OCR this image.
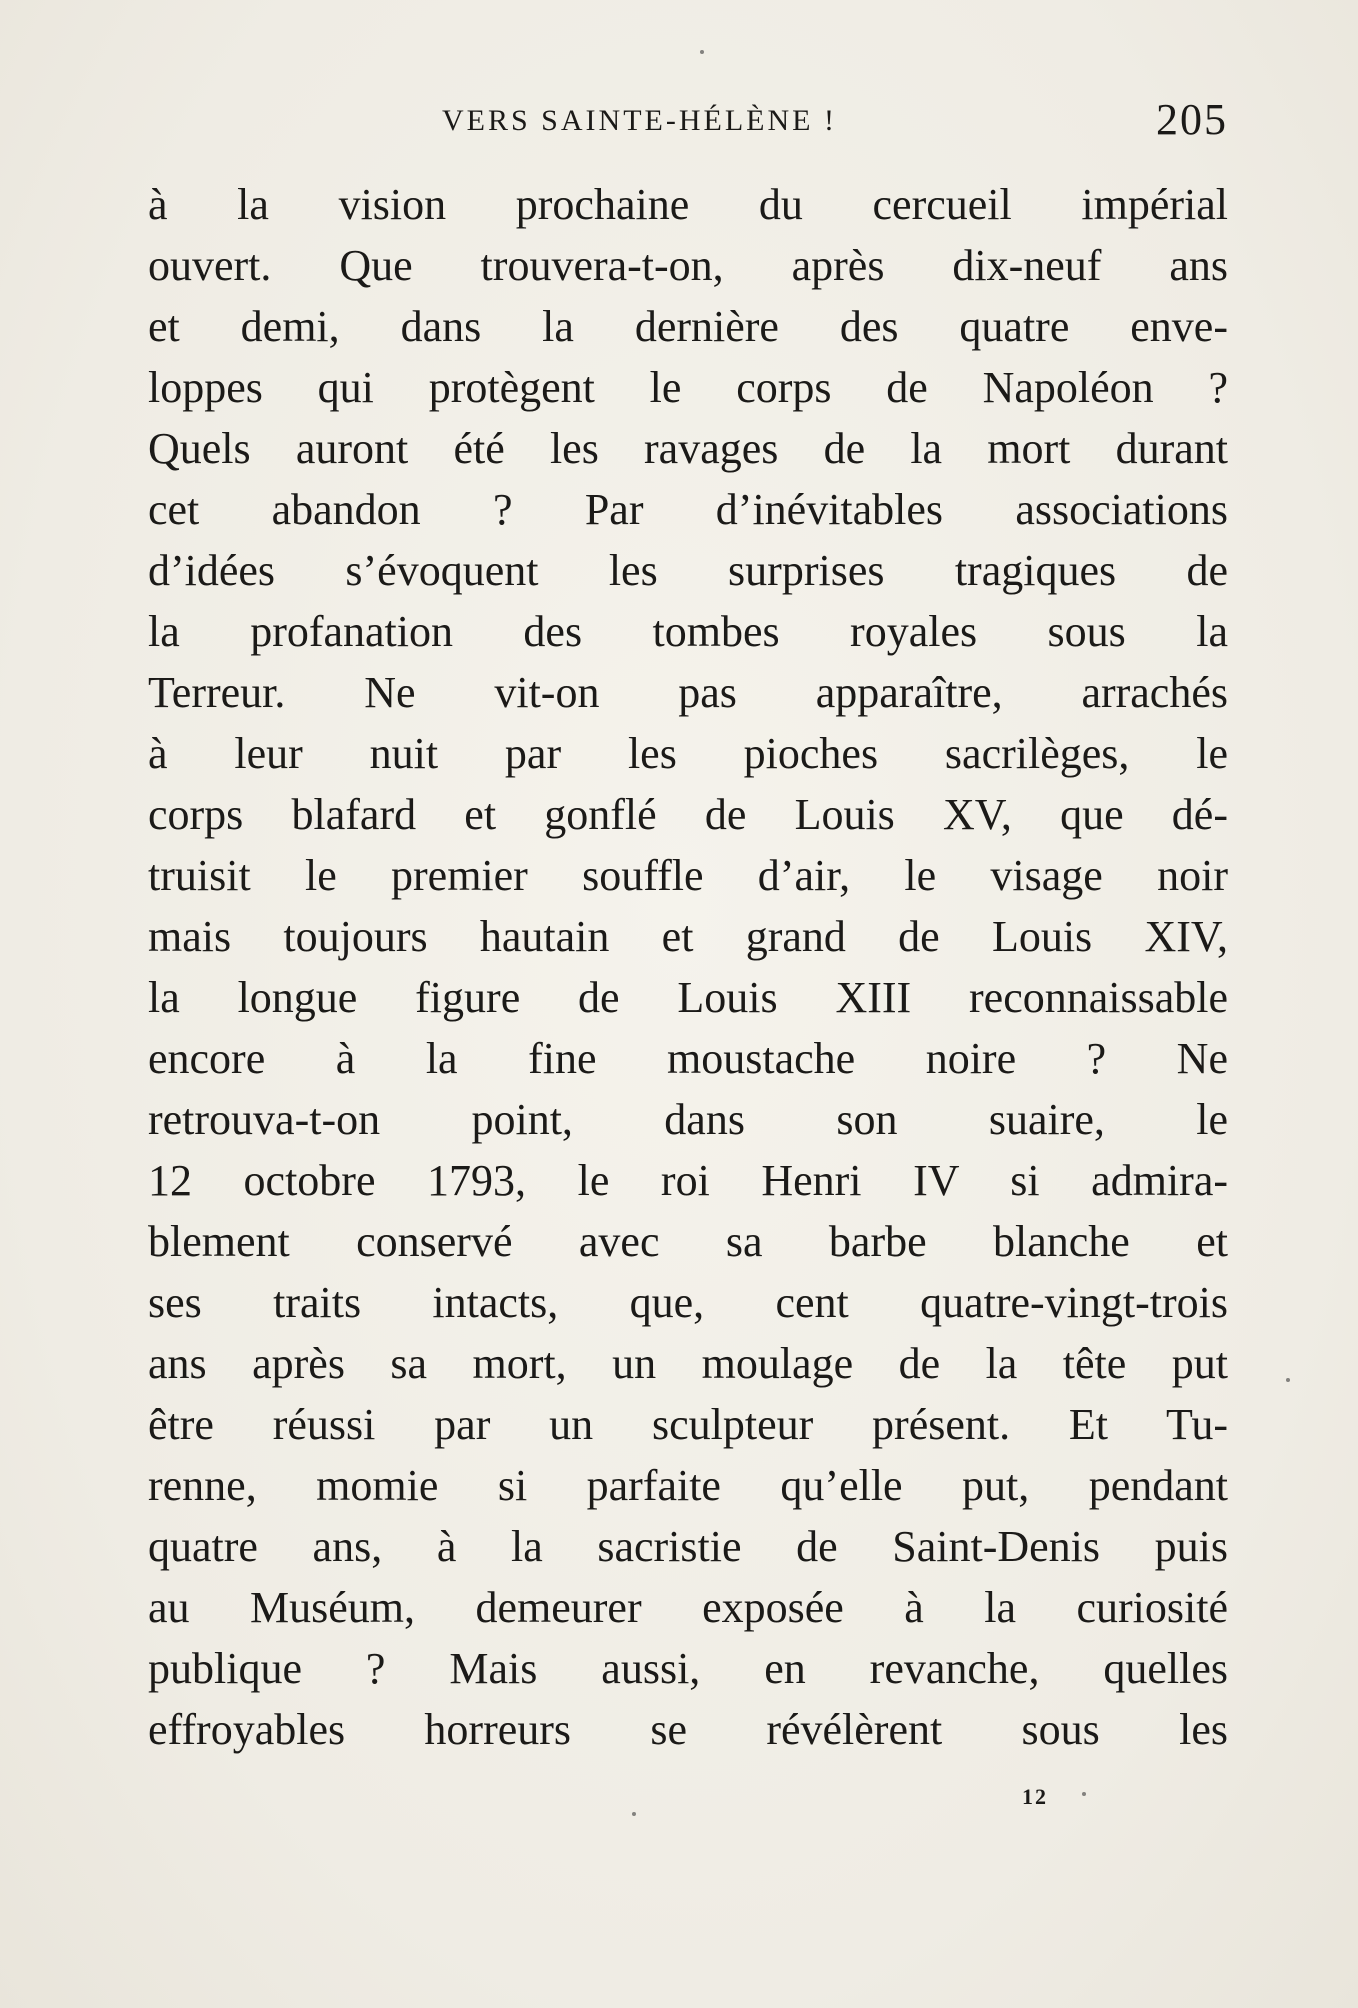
VERS SAINTE-HÉLÈNE !	205
à la vision prochaine du cercueil impérial
ouvert. Que trouvera-t-on, après dix-neuf ans
et demi, dans la dernière des quatre enve-
loppes qui protègent le corps de Napoléon ?
Quels auront été les ravages de la mort durant
cet abandon ? Par d’inévitables associations
d’idées s’évoquent les surprises tragiques de
la profanation des tombes royales sous la
Terreur. Ne vit-on pas apparaître, arrachés
à leur nuit par les pioches sacrilèges, le
corps blafard et gonflé de Louis XV, que dé-
truisit le premier souffle d’air, le visage noir
mais toujours hautain et grand de Louis XIV,
la longue figure de Louis XIII reconnaissable
encore à la fine moustache noire ? Ne
retrouva-t-on point, dans son suaire, le
12 octobre 1793, le roi Henri IV si admira-
blement conservé avec sa barbe blanche et
ses traits intacts, que, cent quatre-vingt-trois
ans après sa mort, un moulage de la tête put
être réussi par un sculpteur présent. Et Tu-
renne, momie si parfaite qu’elle put, pendant
quatre ans, à la sacristie de Saint-Denis puis
au Muséum, demeurer exposée à la curiosité
publique ? Mais aussi, en revanche, quelles
effroyables horreurs se révélèrent sous les
12
